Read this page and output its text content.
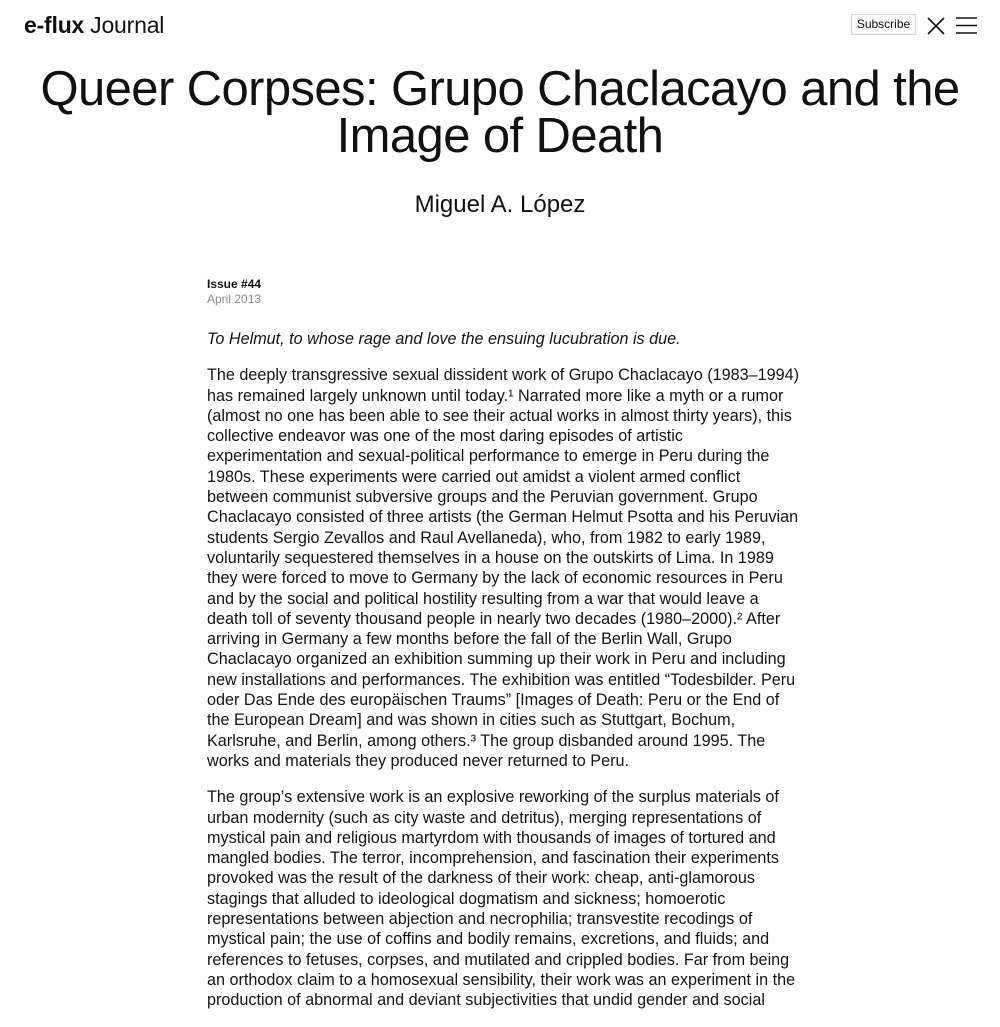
e-flux Journal	Subscribe
Queer Corpses: Grupo Chaclacayo and the Image of Death
Miguel A. López
Issue #44
April 2013

To Helmut, to whose rage and love the ensuing lucubration is due.

The deeply transgressive sexual dissident work of Grupo Chaclacayo (1983–1994) has remained largely unknown until today.¹ Narrated more like a myth or a rumor (almost no one has been able to see their actual works in almost thirty years), this collective endeavor was one of the most daring episodes of artistic experimentation and sexual-political performance to emerge in Peru during the 1980s. These experiments were carried out amidst a violent armed conflict between communist subversive groups and the Peruvian government. Grupo Chaclacayo consisted of three artists (the German Helmut Psotta and his Peruvian students Sergio Zevallos and Raul Avellaneda), who, from 1982 to early 1989, voluntarily sequestered themselves in a house on the outskirts of Lima. In 1989 they were forced to move to Germany by the lack of economic resources in Peru and by the social and political hostility resulting from a war that would leave a death toll of seventy thousand people in nearly two decades (1980–2000).² After arriving in Germany a few months before the fall of the Berlin Wall, Grupo Chaclacayo organized an exhibition summing up their work in Peru and including new installations and performances. The exhibition was entitled “Todesbilder. Peru oder Das Ende des europäischen Traums” [Images of Death: Peru or the End of the European Dream] and was shown in cities such as Stuttgart, Bochum, Karlsruhe, and Berlin, among others.³ The group disbanded around 1995. The works and materials they produced never returned to Peru.

The group’s extensive work is an explosive reworking of the surplus materials of urban modernity (such as city waste and detritus), merging representations of mystical pain and religious martyrdom with thousands of images of tortured and mangled bodies. The terror, incomprehension, and fascination their experiments provoked was the result of the darkness of their work: cheap, anti-glamorous stagings that alluded to ideological dogmatism and sickness; homoerotic representations between abjection and necrophilia; transvestite recodings of mystical pain; the use of coffins and bodily remains, excretions, and fluids; and references to fetuses, corpses, and mutilated and crippled bodies. Far from being an orthodox claim to a homosexual sensibility, their work was an experiment in the production of abnormal and deviant subjectivities that undid gender and social
